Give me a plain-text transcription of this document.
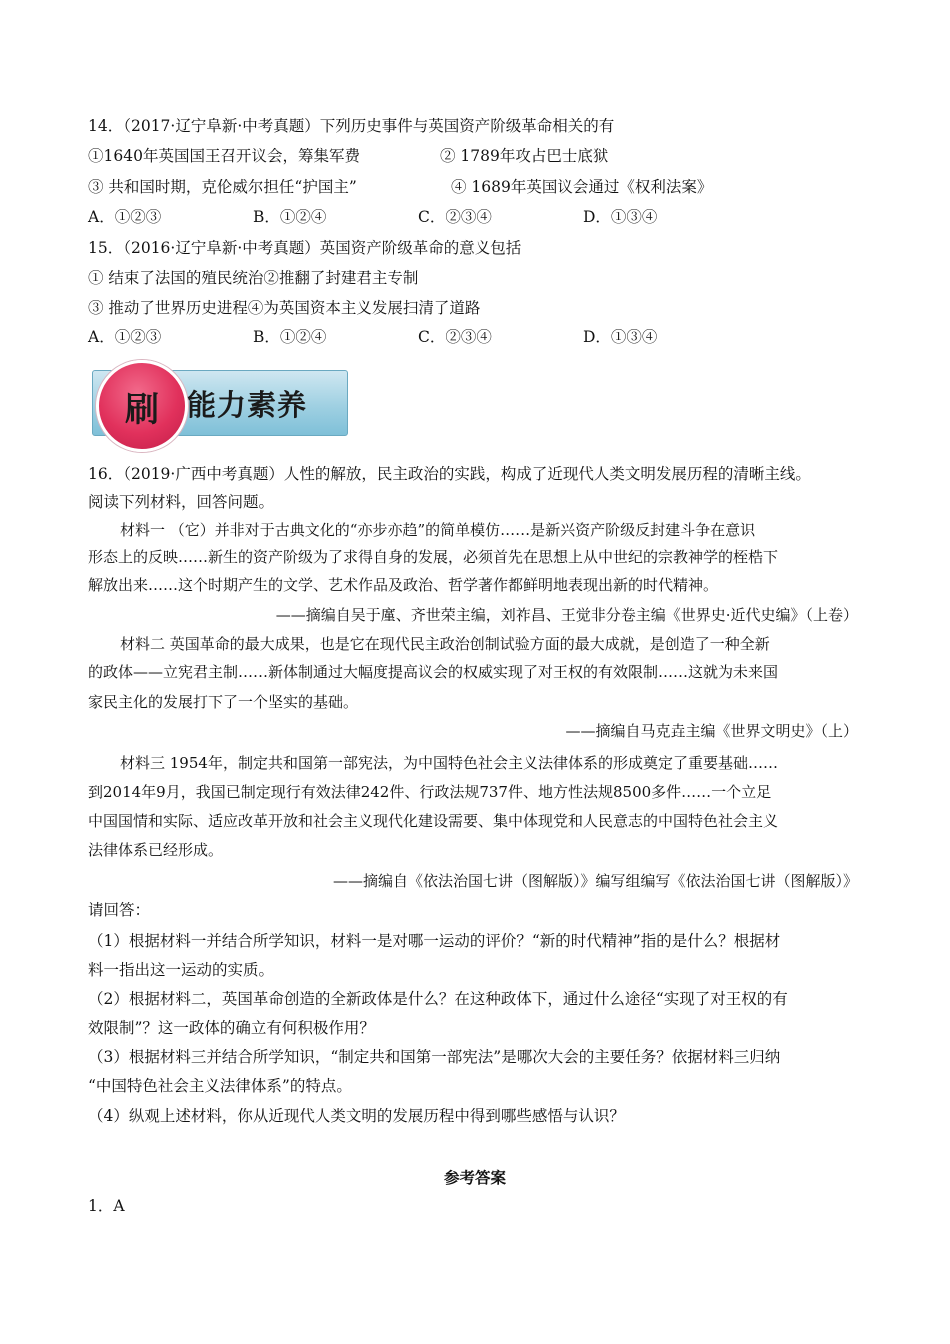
14．（2017·辽宁阜新·中考真题）下列历史事件与英国资产阶级革命相关的有
①1640年英国国王召开议会，筹集军费	② 1789年攻占巴士底狱
③ 共和国时期，克伦威尔担任“护国主”	④ 1689年英国议会通过《权利法案》
A．①②③	B．①②④	C．②③④	D．①③④
15．（2016·辽宁阜新·中考真题）英国资产阶级革命的意义包括
① 结束了法国的殖民统治②推翻了封建君主专制
③ 推动了世界历史进程④为英国资本主义发展扫清了道路
A．①②③	B．①②④	C．②③④	D．①③④
刷 能力素养
16．（2019·广西中考真题）人性的解放，民主政治的实践，构成了近现代人类文明发展历程的清晰主线。
阅读下列材料，回答问题。
材料一 （它）并非对于古典文化的“亦步亦趋”的简单模仿……是新兴资产阶级反封建斗争在意识
形态上的反映……新生的资产阶级为了求得自身的发展，必须首先在思想上从中世纪的宗教神学的桎梏下
解放出来……这个时期产生的文学、艺术作品及政治、哲学著作都鲜明地表现出新的时代精神。
——摘编自吴于廑、齐世荣主编，刘祚昌、王觉非分卷主编《世界史·近代史编》（上卷）
材料二 英国革命的最大成果，也是它在现代民主政治创制试验方面的最大成就，是创造了一种全新
的政体——立宪君主制……新体制通过大幅度提高议会的权威实现了对王权的有效限制……这就为未来国
家民主化的发展打下了一个坚实的基础。
——摘编自马克垚主编《世界文明史》（上）
材料三 1954年，制定共和国第一部宪法，为中国特色社会主义法律体系的形成奠定了重要基础……
到2014年9月，我国已制定现行有效法律242件、行政法规737件、地方性法规8500多件……一个立足
中国国情和实际、适应改革开放和社会主义现代化建设需要、集中体现党和人民意志的中国特色社会主义
法律体系已经形成。
——摘编自《依法治国七讲（图解版）》编写组编写《依法治国七讲（图解版）》
请回答：
（1）根据材料一并结合所学知识，材料一是对哪一运动的评价？“新的时代精神”指的是什么？根据材
料一指出这一运动的实质。
（2）根据材料二，英国革命创造的全新政体是什么？在这种政体下，通过什么途径“实现了对王权的有
效限制”？这一政体的确立有何积极作用？
（3）根据材料三并结合所学知识，“制定共和国第一部宪法”是哪次大会的主要任务？依据材料三归纳
“中国特色社会主义法律体系”的特点。
（4）纵观上述材料，你从近现代人类文明的发展历程中得到哪些感悟与认识？
参考答案
1．A
